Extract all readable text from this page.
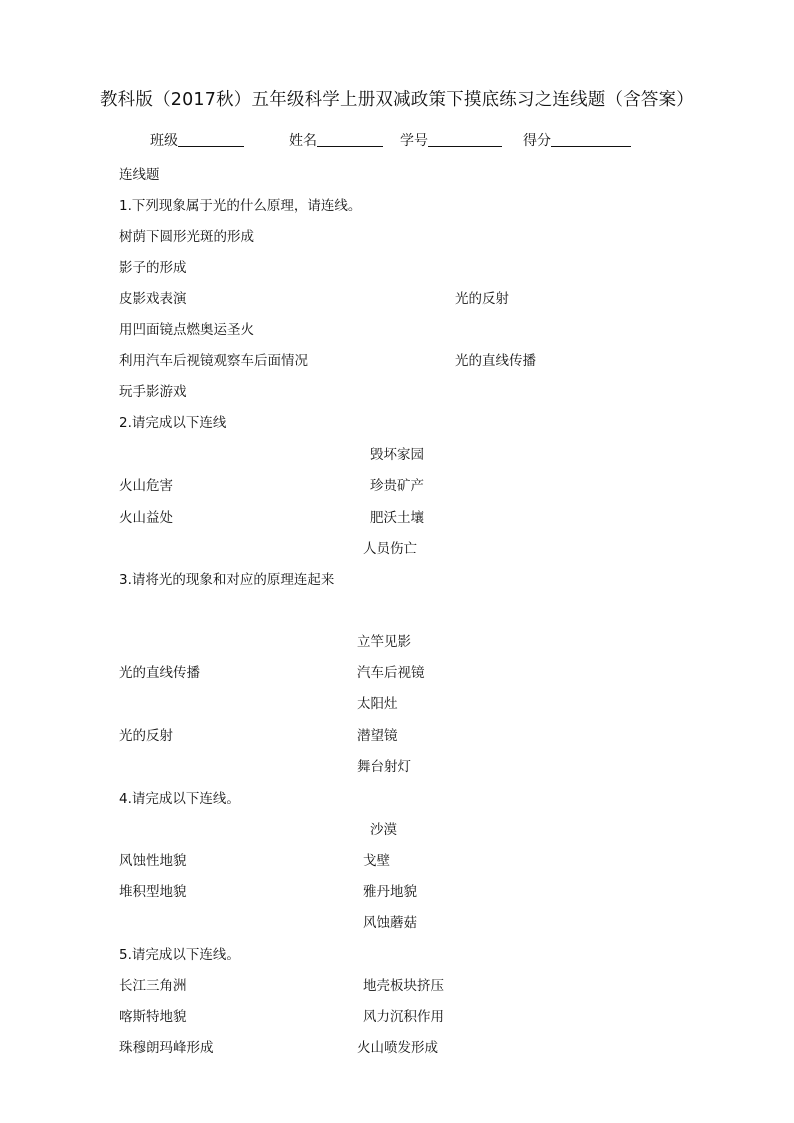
教科版（2017秋）五年级科学上册双减政策下摸底练习之连线题（含答案）
班级	姓名	学号	得分
连线题
1.下列现象属于光的什么原理，请连线。
树荫下圆形光斑的形成
影子的形成
皮影戏表演	光的反射
用凹面镜点燃奥运圣火
利用汽车后视镜观察车后面情况	光的直线传播
玩手影游戏
2.请完成以下连线
毁坏家园
火山危害	珍贵矿产
火山益处	肥沃土壤
人员伤亡
3.请将光的现象和对应的原理连起来
立竿见影
光的直线传播	汽车后视镜
太阳灶
光的反射	潜望镜
舞台射灯
4.请完成以下连线。
沙漠
风蚀性地貌	戈壁
堆积型地貌	雅丹地貌
风蚀蘑菇
5.请完成以下连线。
长江三角洲	地壳板块挤压
喀斯特地貌	风力沉积作用
珠穆朗玛峰形成	火山喷发形成
